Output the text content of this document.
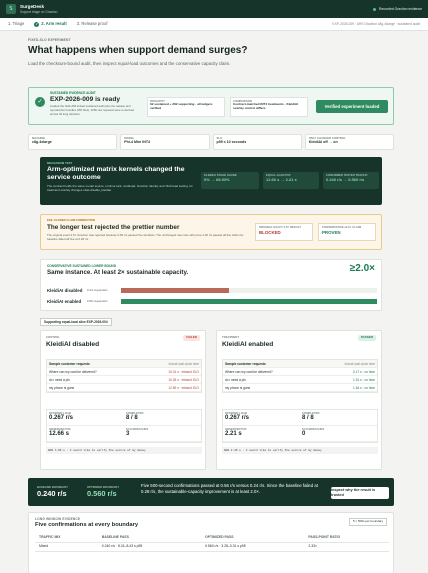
S	SurgeDesk
Support triage on Graviton
Recorded Graviton evidence
1. Triage	✓ 2. Arm result 3. Release proof	EXP-2026-009 · ARS Graviton c8g.4xlarge · sustained audit
FIXED-SLO EXPERIMENT
What happens when support demand surges?
Load the checksum-bound audit, then inspect equal-load outcomes and the conservative capacity claim.
✓
SUSTAINED EVIDENCE AUDIT
EXP-2026-009 is ready
Loaded the SHA-256 locked sustained audit plus the release and reproduction bundles (351 files). 4250 raw requests were re-derived across 30 long windows.
INTEGRITY
62 sustained + 282 supporting · all ledgers verified
COMPARISON
Contract-matched INT4 treatments · KleidiAI overlay control differs	Verified experiment loaded
MACHINE
c8g.4xlarge
MODEL
Phi-4 Mini INT4
SLO
p95 ≤ 10 seconds
ONLY CHANGED CONTROL
KleidiAI off → on
MECHANISM TEST
Arm-optimized matrix kernels changed the service outcome
The contract holds the same model source, runtime lock, workload, Graviton identity and 16-thread setting. Its treatment overlay changes mlas.disable_kleidiai.
KLEIDIAI STAGE SHARE
0% → 68.53%
EQUAL-LOAD P95
12.66 s → 2.21 s
CONFIRMED TESTER TRAFFIC
0.240 r/s → 0.560 r/s
FAIL-CLOSED CLAIM CORRECTION
The longer test rejected the prettier number
The original exact 2.5× Graviton was rejected because 0.60 r/s passed five windows. The unchanged raw rows still prove 2.00 r/s passed all five while the baseline failed all five at 0.28 r/s.
ORIGINAL EXACT 2.5× RESULT
BLOCKED
CONSERVATIVE ≥2.0× CLAIM
PROVEN
CONSERVATIVE SUSTAINED LOWER BOUND
Same instance. At least 2× sustainable capacity.	≥2.0×
KleidiAI disabled	0.24 requests/s
KleidiAI enabled	0.56 requests/s
Supporting equal-load slice EXP-2026-004
CONTROL	FAILED
KleidiAI disabled
Sample customer requests	Actual wall-clock time
Where can my card be delivered?	10.31 s · missed SLO
do i need a pin	10.35 s · missed SLO
my phone is gone	12.69 s · missed SLO
OFFERED LOAD
0.267 r/s
COMPLETED
8 / 8
OBSERVED P95
12.66 s
SLO BREACHES
3
WAN 3.06 s · I would like to verify the source of my money
TREATMENT	PASSED
KleidiAI enabled
Sample customer requests	Actual wall-clock time
Where can my card be delivered?	0.17 s · on time
do i need a pin	1.51 s · on time
my phone is gone	1.64 s · on time
OFFERED LOAD
0.267 r/s
COMPLETED
8 / 8
OBSERVED P95
2.21 s
SLO BREACHES
0
WAN 2.20 s · I would like to verify the source of my money
BASELINE BOUNDARY
0.240 r/s
OPTIMIZED BOUNDARY
0.560 r/s
Five 500-second confirmations passed at 0.56 r/s versus 0.24 r/s. Since the baseline failed at 0.28 r/s, the sustainable-capacity improvement is at least 2.0×.	Inspect why the result is trusted
LONG WINDOW EVIDENCE
Five confirmations at every boundary
5 × 500s per boundary
TRAFFIC MIX	BASELINE PASS	OPTIMIZED PASS	PASS-POINT RATIO
Mixed	0.240 r/s · 8.24–8.43 s p95	0.560 r/s · 3.28–3.31 s p95	2.33×
